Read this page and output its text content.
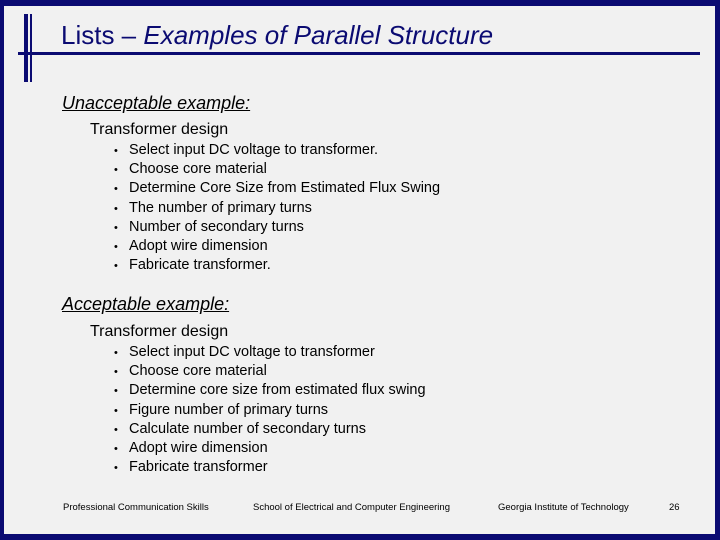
Lists – Examples of Parallel Structure
Unacceptable example:
Transformer design
• Select input DC voltage to transformer.
• Choose core material
• Determine Core Size from Estimated Flux Swing
• The number of primary turns
• Number of secondary turns
• Adopt wire dimension
• Fabricate transformer.
Acceptable example:
Transformer design
• Select input DC voltage to transformer
• Choose core material
• Determine core size from estimated flux swing
• Figure number of primary turns
• Calculate number of secondary turns
• Adopt wire dimension
• Fabricate transformer
Professional Communication Skills	School of Electrical and Computer Engineering	Georgia Institute of Technology	26
